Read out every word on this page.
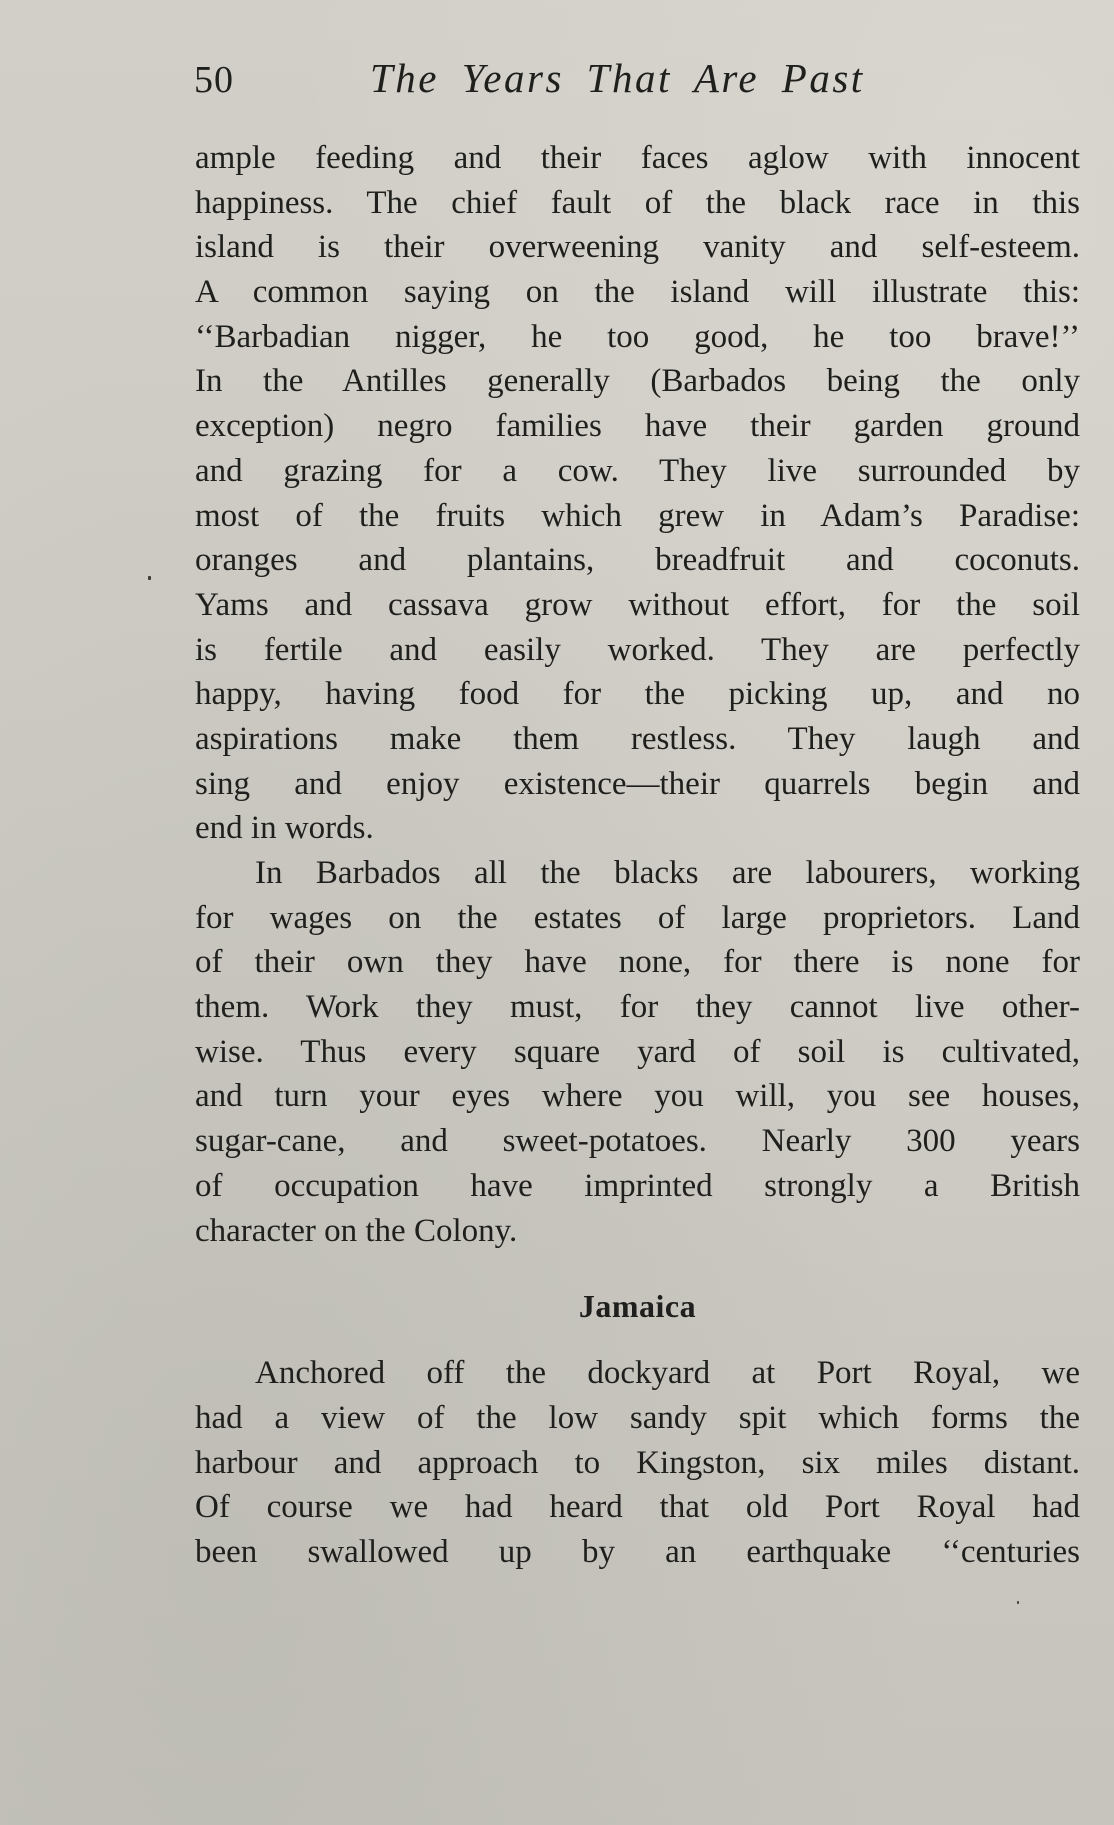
50	The Years That Are Past
ample feeding and their faces aglow with innocent
happiness. The chief fault of the black race in this
island is their overweening vanity and self-esteem.
A common saying on the island will illustrate this:
‘‘Barbadian nigger, he too good, he too brave!’’
In the Antilles generally (Barbados being the only
exception) negro families have their garden ground
and grazing for a cow. They live surrounded by
most of the fruits which grew in Adam’s Paradise:
oranges and plantains, breadfruit and coconuts.
Yams and cassava grow without effort, for the soil
is fertile and easily worked. They are perfectly
happy, having food for the picking up, and no
aspirations make them restless. They laugh and
sing and enjoy existence—their quarrels begin and
end in words.
In Barbados all the blacks are labourers, working
for wages on the estates of large proprietors. Land
of their own they have none, for there is none for
them. Work they must, for they cannot live other-
wise. Thus every square yard of soil is cultivated,
and turn your eyes where you will, you see houses,
sugar-cane, and sweet-potatoes. Nearly 300 years
of occupation have imprinted strongly a British
character on the Colony.
Jamaica
Anchored off the dockyard at Port Royal, we
had a view of the low sandy spit which forms the
harbour and approach to Kingston, six miles distant.
Of course we had heard that old Port Royal had
been swallowed up by an earthquake ‘‘centuries
